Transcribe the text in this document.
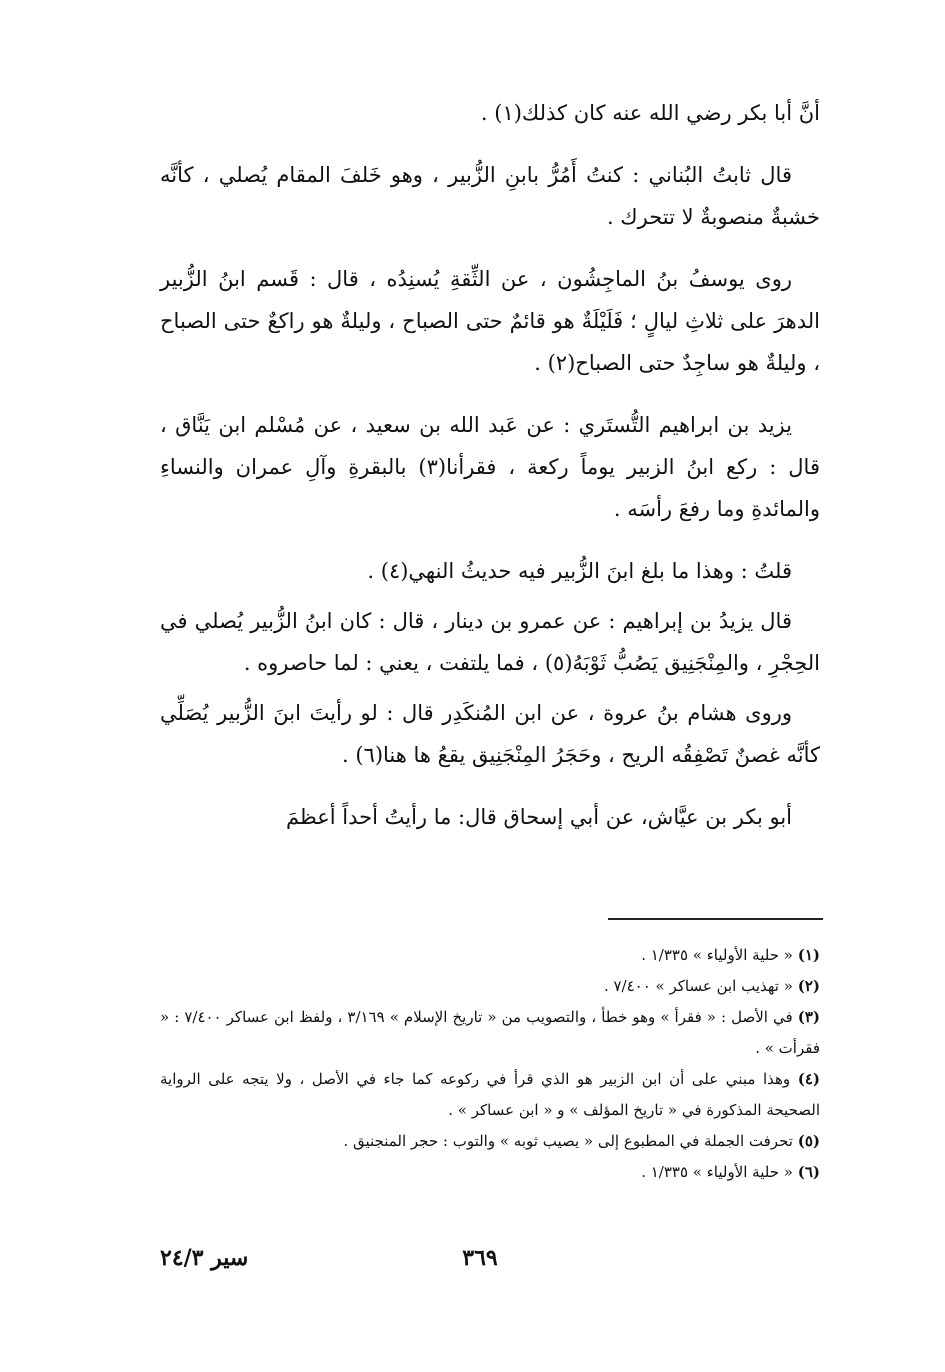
أنَّ أبا بكر رضي الله عنه كان كذلك(١) .

قال ثابتُ البُناني : كنتُ أَمُرُّ بابنِ الزُّبير ، وهو خَلفَ المقام يُصلي ، كأنَّه خشبةٌ منصوبةٌ لا تتحرك .

روى يوسفُ بنُ الماجِشُون ، عن الثِّقةِ يُسنِدُه ، قال : قَسم ابنُ الزُّبير الدهرَ على ثلاثِ ليالٍ ؛ فَلَيْلَةٌ هو قائمٌ حتى الصباح ، وليلةٌ هو راكعٌ حتى الصباح ، وليلةٌ هو ساجِدٌ حتى الصباح(٢) .

يزيد بن ابراهيم التُّستَري : عن عَبد الله بن سعيد ، عن مُسْلم ابن يَنَّاق ، قال : ركع ابنُ الزبير يوماً ركعة ، فقرأنا(٣) بالبقرةِ وآلِ عمران والنساءِ والمائدةِ وما رفعَ رأسَه .

قلتُ : وهذا ما بلغ ابنَ الزُّبير فيه حديثُ النهي(٤) .

قال يزيدُ بن إبراهيم : عن عمرو بن دينار ، قال : كان ابنُ الزُّبير يُصلي في الحِجْرِ ، والمِنْجَنِيق يَصُبُّ ثَوْبَهُ(٥) ، فما يلتفت ، يعني : لما حاصروه .

وروى هشام بنُ عروة ، عن ابن المُنكَدِر قال : لو رأيتَ ابنَ الزُّبير يُصَلِّي كأنَّه غصنٌ تَصْفِقُه الريح ، وحَجَرُ المِنْجَنِيق يقعُ ها هنا(٦) .

أبو بكر بن عيَّاش، عن أبي إسحاق قال: ما رأيتُ أحداً أعظمَ

(١) « حلية الأولياء » ١/٣٣٥ .

(٢) « تهذيب ابن عساكر » ٧/٤٠٠ .

(٣) في الأصل : « فقرأ » وهو خطأ ، والتصويب من « تاريخ الإسلام » ٣/١٦٩ ، ولفظ ابن عساكر ٧/٤٠٠ : « فقرأت » .

(٤) وهذا مبني على أن ابن الزبير هو الذي قرأ في ركوعه كما جاء في الأصل ، ولا يتجه على الرواية الصحيحة المذكورة في « تاريخ المؤلف » و « ابن عساكر » .

(٥) تحرفت الجملة في المطبوع إلى « يصيب ثوبه » والتوب : حجر المنجنيق .

(٦) « حلية الأولياء » ١/٣٣٥ .

٣٦٩
سير ٢٤/٣
